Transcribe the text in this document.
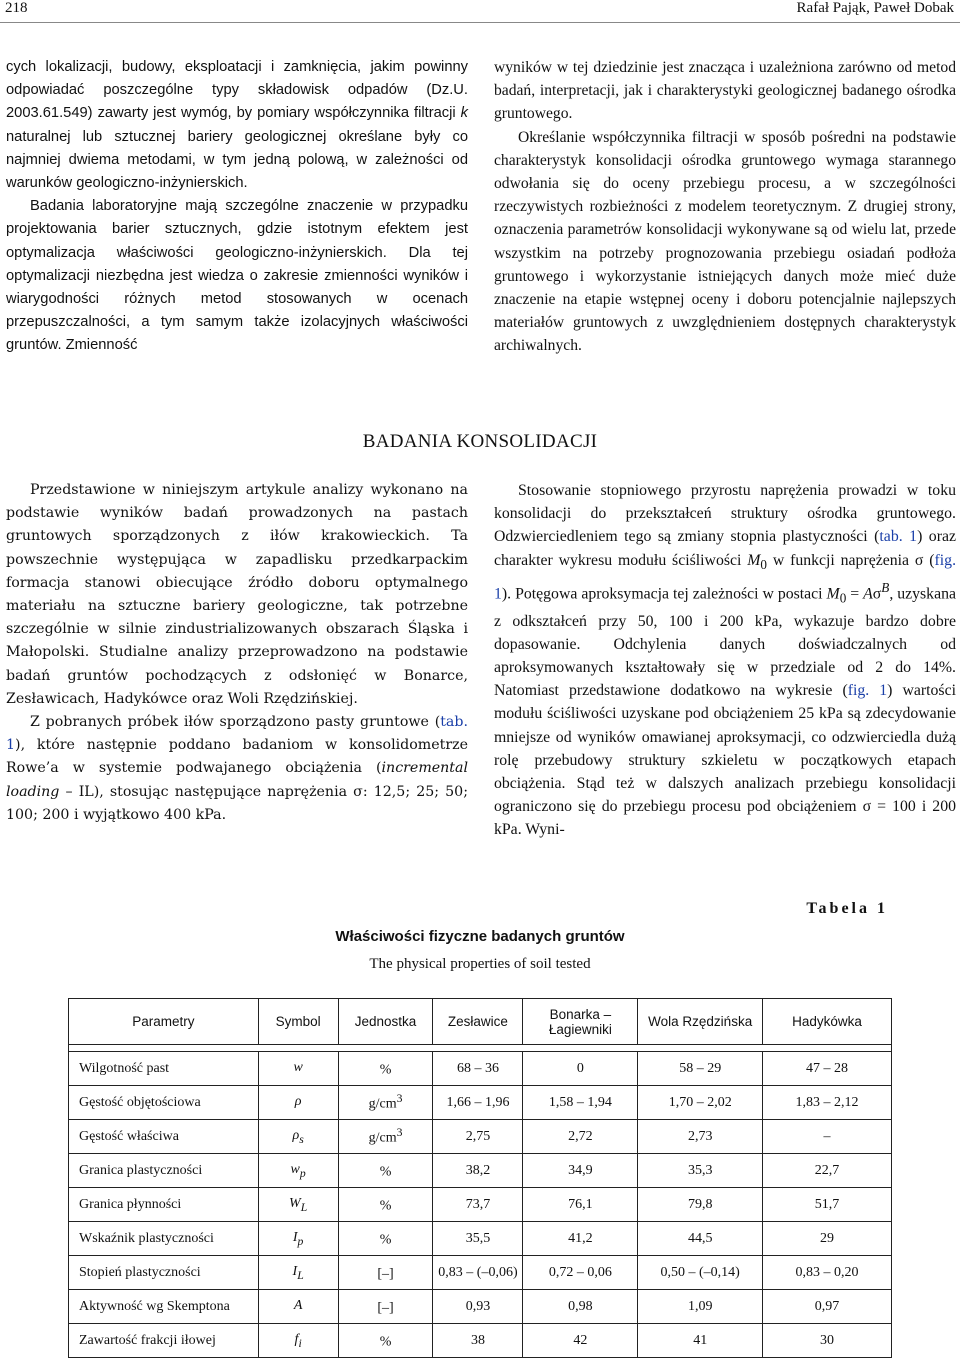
218	Rafał Pająk, Paweł Dobak

cych lokalizacji, budowy, eksploatacji i zamknięcia, jakim powinny odpowiadać poszczególne typy składowisk odpadów (Dz.U. 2003.61.549) zawarty jest wymóg, by pomiary współczynnika filtracji k naturalnej lub sztucznej bariery geologicznej określane były co najmniej dwiema metodami, w tym jedną polową, w zależności od warunków geologiczno-inżynierskich.

Badania laboratoryjne mają szczególne znaczenie w przypadku projektowania barier sztucznych, gdzie istotnym efektem jest optymalizacja właściwości geologiczno-inżynierskich. Dla tej optymalizacji niezbędna jest wiedza o zakresie zmienności wyników i wiarygodności różnych metod stosowanych w ocenach przepuszczalności, a tym samym także izolacyjnych właściwości gruntów. Zmienność

wyników w tej dziedzinie jest znacząca i uzależniona zarówno od metod badań, interpretacji, jak i charakterystyki geologicznej badanego ośrodka gruntowego.

Określanie współczynnika filtracji w sposób pośredni na podstawie charakterystyk konsolidacji ośrodka gruntowego wymaga starannego odwołania się do oceny przebiegu procesu, a w szczególności rzeczywistych rozbieżności z modelem teoretycznym. Z drugiej strony, oznaczenia parametrów konsolidacji wykonywane są od wielu lat, przede wszystkim na potrzeby prognozowania przebiegu osiadań podłoża gruntowego i wykorzystanie istniejących danych może mieć duże znaczenie na etapie wstępnej oceny i doboru potencjalnie najlepszych materiałów gruntowych z uwzględnieniem dostępnych charakterystyk archiwalnych.

BADANIA KONSOLIDACJI

Przedstawione w niniejszym artykule analizy wykonano na podstawie wyników badań prowadzonych na pastach gruntowych sporządzonych z iłów krakowieckich. Ta powszechnie występująca w zapadlisku przedkarpackim formacja stanowi obiecujące źródło doboru optymalnego materiału na sztuczne bariery geologiczne, tak potrzebne szczególnie w silnie zindustrializowanych obszarach Śląska i Małopolski. Studialne analizy przeprowadzono na podstawie badań gruntów pochodzących z odsłonięć w Bonarce, Zesławicach, Hadykówce oraz Woli Rzędzińskiej.

Z pobranych próbek iłów sporządzono pasty gruntowe (tab. 1), które następnie poddano badaniom w konsolidometrze Rowe’a w systemie podwajanego obciążenia (incremental loading – IL), stosując następujące naprężenia σ: 12,5; 25; 50; 100; 200 i wyjątkowo 400 kPa.

Stosowanie stopniowego przyrostu naprężenia prowadzi w toku konsolidacji do przekształceń struktury ośrodka gruntowego. Odzwierciedleniem tego są zmiany stopnia plastyczności (tab. 1) oraz charakter wykresu modułu ściśliwości $M_0$ w funkcji naprężenia σ (fig. 1). Potęgowa aproksymacja tej zależności w postaci $M_0 = A\sigma^B$, uzyskana z odkształceń przy 50, 100 i 200 kPa, wykazuje bardzo dobre dopasowanie. Odchylenia danych doświadczalnych od aproksymowanych kształtowały się w przedziale od 2 do 14%. Natomiast przedstawione dodatkowo na wykresie (fig. 1) wartości modułu ściśliwości uzyskane pod obciążeniem 25 kPa są zdecydowanie mniejsze od wyników omawianej aproksymacji, co odzwierciedla dużą rolę przebudowy struktury szkieletu w początkowych etapach obciążenia. Stąd też w dalszych analizach przebiegu konsolidacji ograniczono się do przebiegu procesu pod obciążeniem σ = 100 i 200 kPa. Wyni-

Tabela 1
Właściwości fizyczne badanych gruntów
The physical properties of soil tested
Parametry	Symbol	Jednostka	Zesławice	Bonarka – Łagiewniki	Wola Rzędzińska	Hadykówka

Wilgotność past	w	%	68 – 36	0	58 – 29	47 – 28
Gęstość objętościowa	ρ	$g/cm^3$	1,66 – 1,96	1,58 – 1,94	1,70 – 2,02	1,83 – 2,12
Gęstość właściwa	$\rho_s$	$g/cm^3$	2,75	2,72	2,73	–
Granica plastyczności	$w_p$	%	38,2	34,9	35,3	22,7
Granica płynności	$W_L$	%	73,7	76,1	79,8	51,7
Wskaźnik plastyczności	$I_p$	%	35,5	41,2	44,5	29
Stopień plastyczności	$I_L$	[–]	0,83 – (–0,06)	0,72 – 0,06	0,50 – (–0,14)	0,83 – 0,20
Aktywność wg Skemptona	A	[–]	0,93	0,98	1,09	0,97
Zawartość frakcji iłowej	$f_i$	%	38	42	41	30
